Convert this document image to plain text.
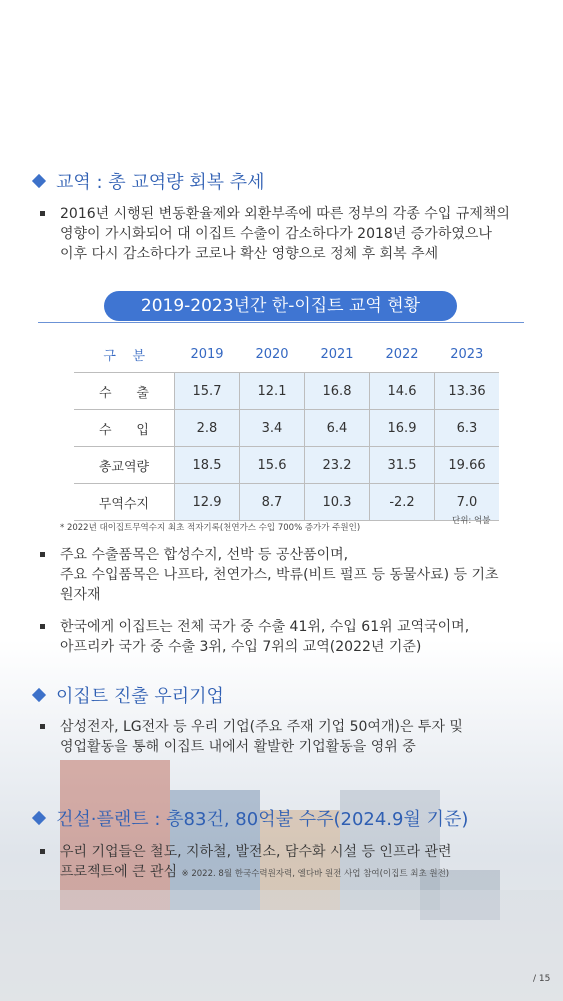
교역 : 총 교역량 회복 추세
2016년 시행된 변동환율제와 외환부족에 따른 정부의 각종 수입 규제책의
영향이 가시화되어 대 이집트 수출이 감소하다가 2018년 증가하였으나
이후 다시 감소하다가 코로나 확산 영향으로 정체 후 회복 추세
2019-2023년간 한-이집트 교역 현황
구    분	2019	2020	2021	2022	2023
수      출	15.7	12.1	16.8	14.6	13.36
수      입	2.8	3.4	6.4	16.9	6.3
총교역량	18.5	15.6	23.2	31.5	19.66
무역수지	12.9	8.7	10.3	-2.2	7.0
단위: 억불
* 2022년 대이집트무역수지 최초 적자기록(천연가스 수입 700% 증가가 주원인)
주요 수출품목은 합성수지, 선박 등 공산품이며,
주요 수입품목은 나프타, 천연가스, 박류(비트 펄프 등 동물사료) 등 기초
원자재
한국에게 이집트는 전체 국가 중 수출 41위, 수입 61위 교역국이며,
아프리카 국가 중 수출 3위, 수입 7위의 교역(2022년 기준)
이집트 진출 우리기업
삼성전자, LG전자 등 우리 기업(주요 주재 기업 50여개)은 투자 및
영업활동을 통해 이집트 내에서 활발한 기업활동을 영위 중
건설·플랜트 : 총83건, 80억불 수주(2024.9월 기준)
우리 기업들은 철도, 지하철, 발전소, 담수화 시설 등 인프라 관련
프로젝트에 큰 관심 ※ 2022. 8월 한국수력원자력, 엘다바 원전 사업 참여(이집트 최초 원전)
/ 15
